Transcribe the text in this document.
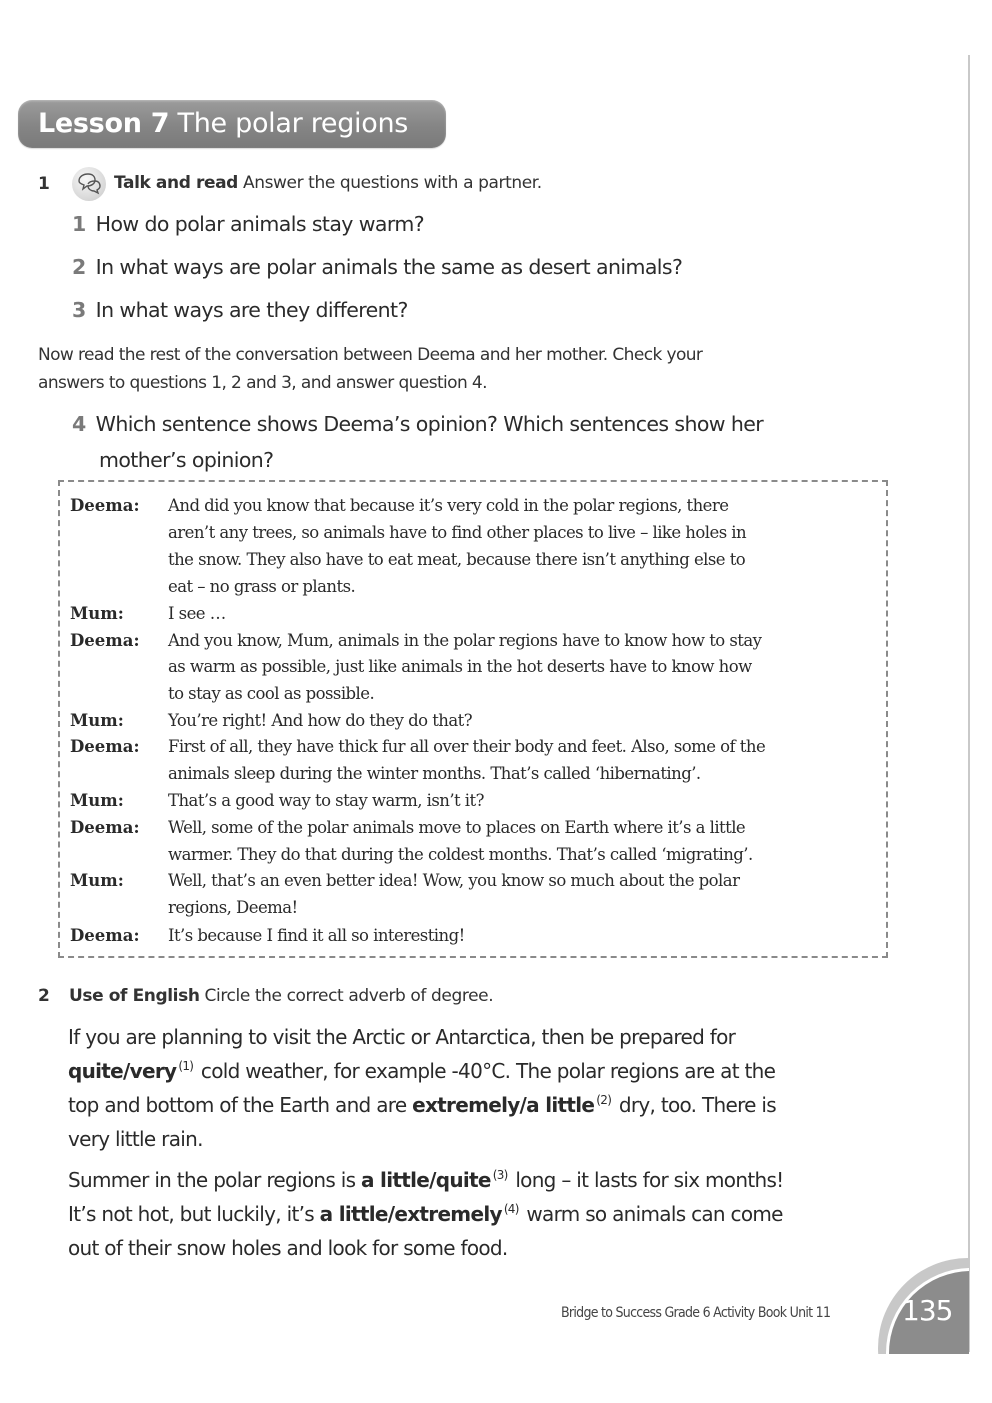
Lesson 7 The polar regions
1	Talk and read Answer the questions with a partner.
1 How do polar animals stay warm?
2 In what ways are polar animals the same as desert animals?
3 In what ways are they different?
Now read the rest of the conversation between Deema and her mother. Check your
answers to questions 1, 2 and 3, and answer question 4.
4 Which sentence shows Deema’s opinion? Which sentences show her
mother’s opinion?
Deema: And did you know that because it’s very cold in the polar regions, there
aren’t any trees, so animals have to find other places to live – like holes in
the snow. They also have to eat meat, because there isn’t anything else to
eat – no grass or plants.
Mum:	I see …
Deema: And you know, Mum, animals in the polar regions have to know how to stay
as warm as possible, just like animals in the hot deserts have to know how
to stay as cool as possible.
Mum:	You’re right! And how do they do that?
Deema: First of all, they have thick fur all over their body and feet. Also, some of the
animals sleep during the winter months. That’s called ‘hibernating’.
Mum:	That’s a good way to stay warm, isn’t it?
Deema: Well, some of the polar animals move to places on Earth where it’s a little
warmer. They do that during the coldest months. That’s called ‘migrating’.
Mum:	Well, that’s an even better idea! Wow, you know so much about the polar
regions, Deema!
Deema: It’s because I find it all so interesting!
2 Use of English Circle the correct adverb of degree.
If you are planning to visit the Arctic or Antarctica, then be prepared for
quite/very $^{(1)}$ cold weather, for example -40°C. The polar regions are at the
top and bottom of the Earth and are extremely/a little $^{(2)}$ dry, too. There is
very little rain.
Summer in the polar regions is a little/quite $^{(3)}$ long – it lasts for six months!
It’s not hot, but luckily, it’s a little/extremely $^{(4)}$ warm so animals can come
out of their snow holes and look for some food.
Bridge to Success Grade 6 Activity Book Unit 11	135
